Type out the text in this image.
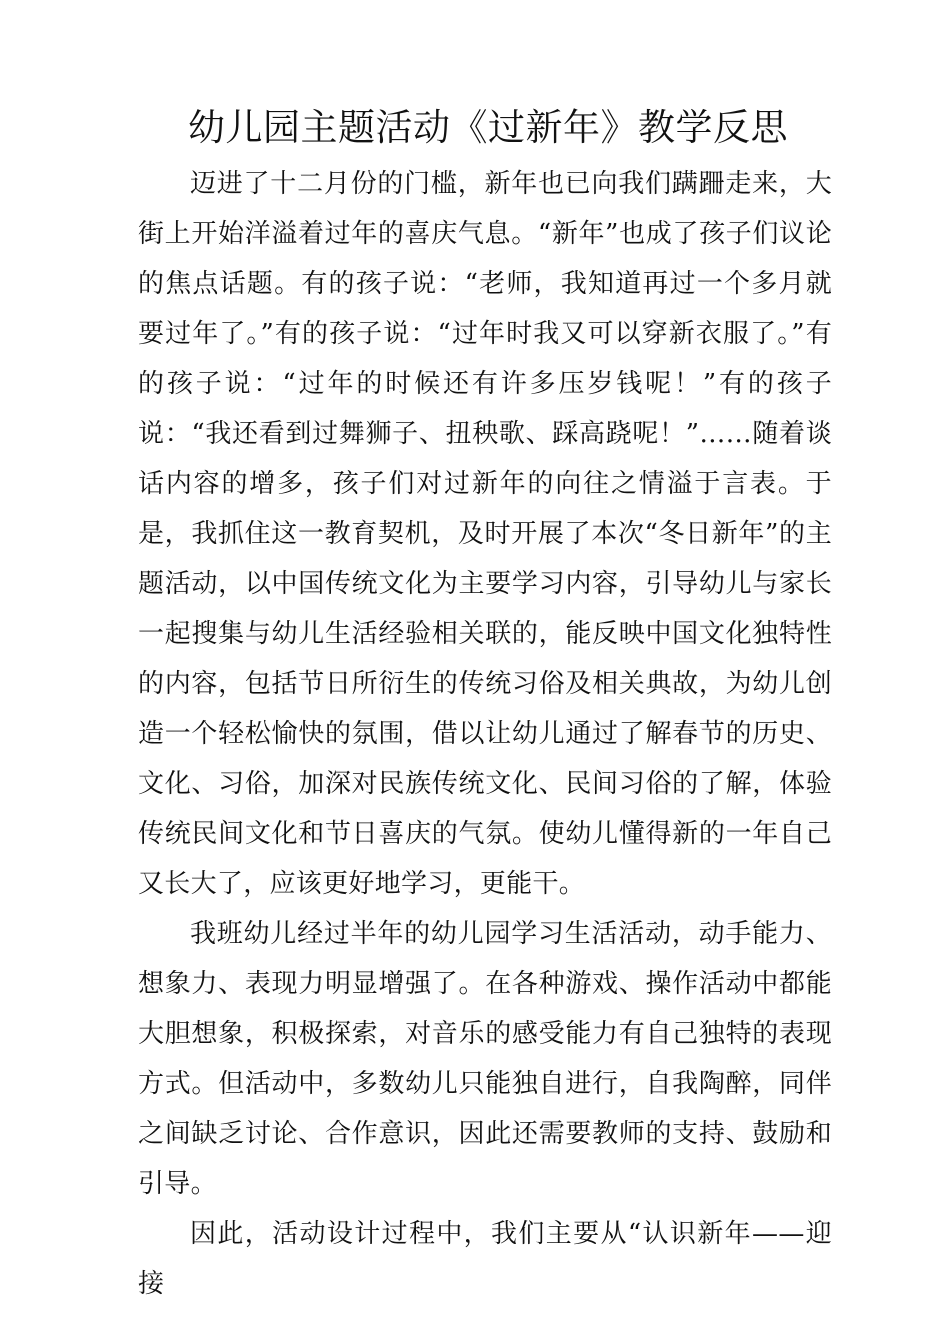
幼儿园主题活动《过新年》教学反思

迈进了十二月份的门槛，新年也已向我们蹒跚走来，大街上开始洋溢着过年的喜庆气息。“新年”也成了孩子们议论的焦点话题。有的孩子说：“老师，我知道再过一个多月就要过年了。”有的孩子说：“过年时我又可以穿新衣服了。”有的孩子说：“过年的时候还有许多压岁钱呢！”有的孩子说：“我还看到过舞狮子、扭秧歌、踩高跷呢！”……随着谈话内容的增多，孩子们对过新年的向往之情溢于言表。于是，我抓住这一教育契机，及时开展了本次“冬日新年”的主题活动，以中国传统文化为主要学习内容，引导幼儿与家长一起搜集与幼儿生活经验相关联的，能反映中国文化独特性的内容，包括节日所衍生的传统习俗及相关典故，为幼儿创造一个轻松愉快的氛围，借以让幼儿通过了解春节的历史、文化、习俗，加深对民族传统文化、民间习俗的了解，体验传统民间文化和节日喜庆的气氛。使幼儿懂得新的一年自己又长大了，应该更好地学习，更能干。

我班幼儿经过半年的幼儿园学习生活活动，动手能力、想象力、表现力明显增强了。在各种游戏、操作活动中都能大胆想象，积极探索，对音乐的感受能力有自己独特的表现方式。但活动中，多数幼儿只能独自进行，自我陶醉，同伴之间缺乏讨论、合作意识，因此还需要教师的支持、鼓励和引导。

因此，活动设计过程中，我们主要从“认识新年——迎接
